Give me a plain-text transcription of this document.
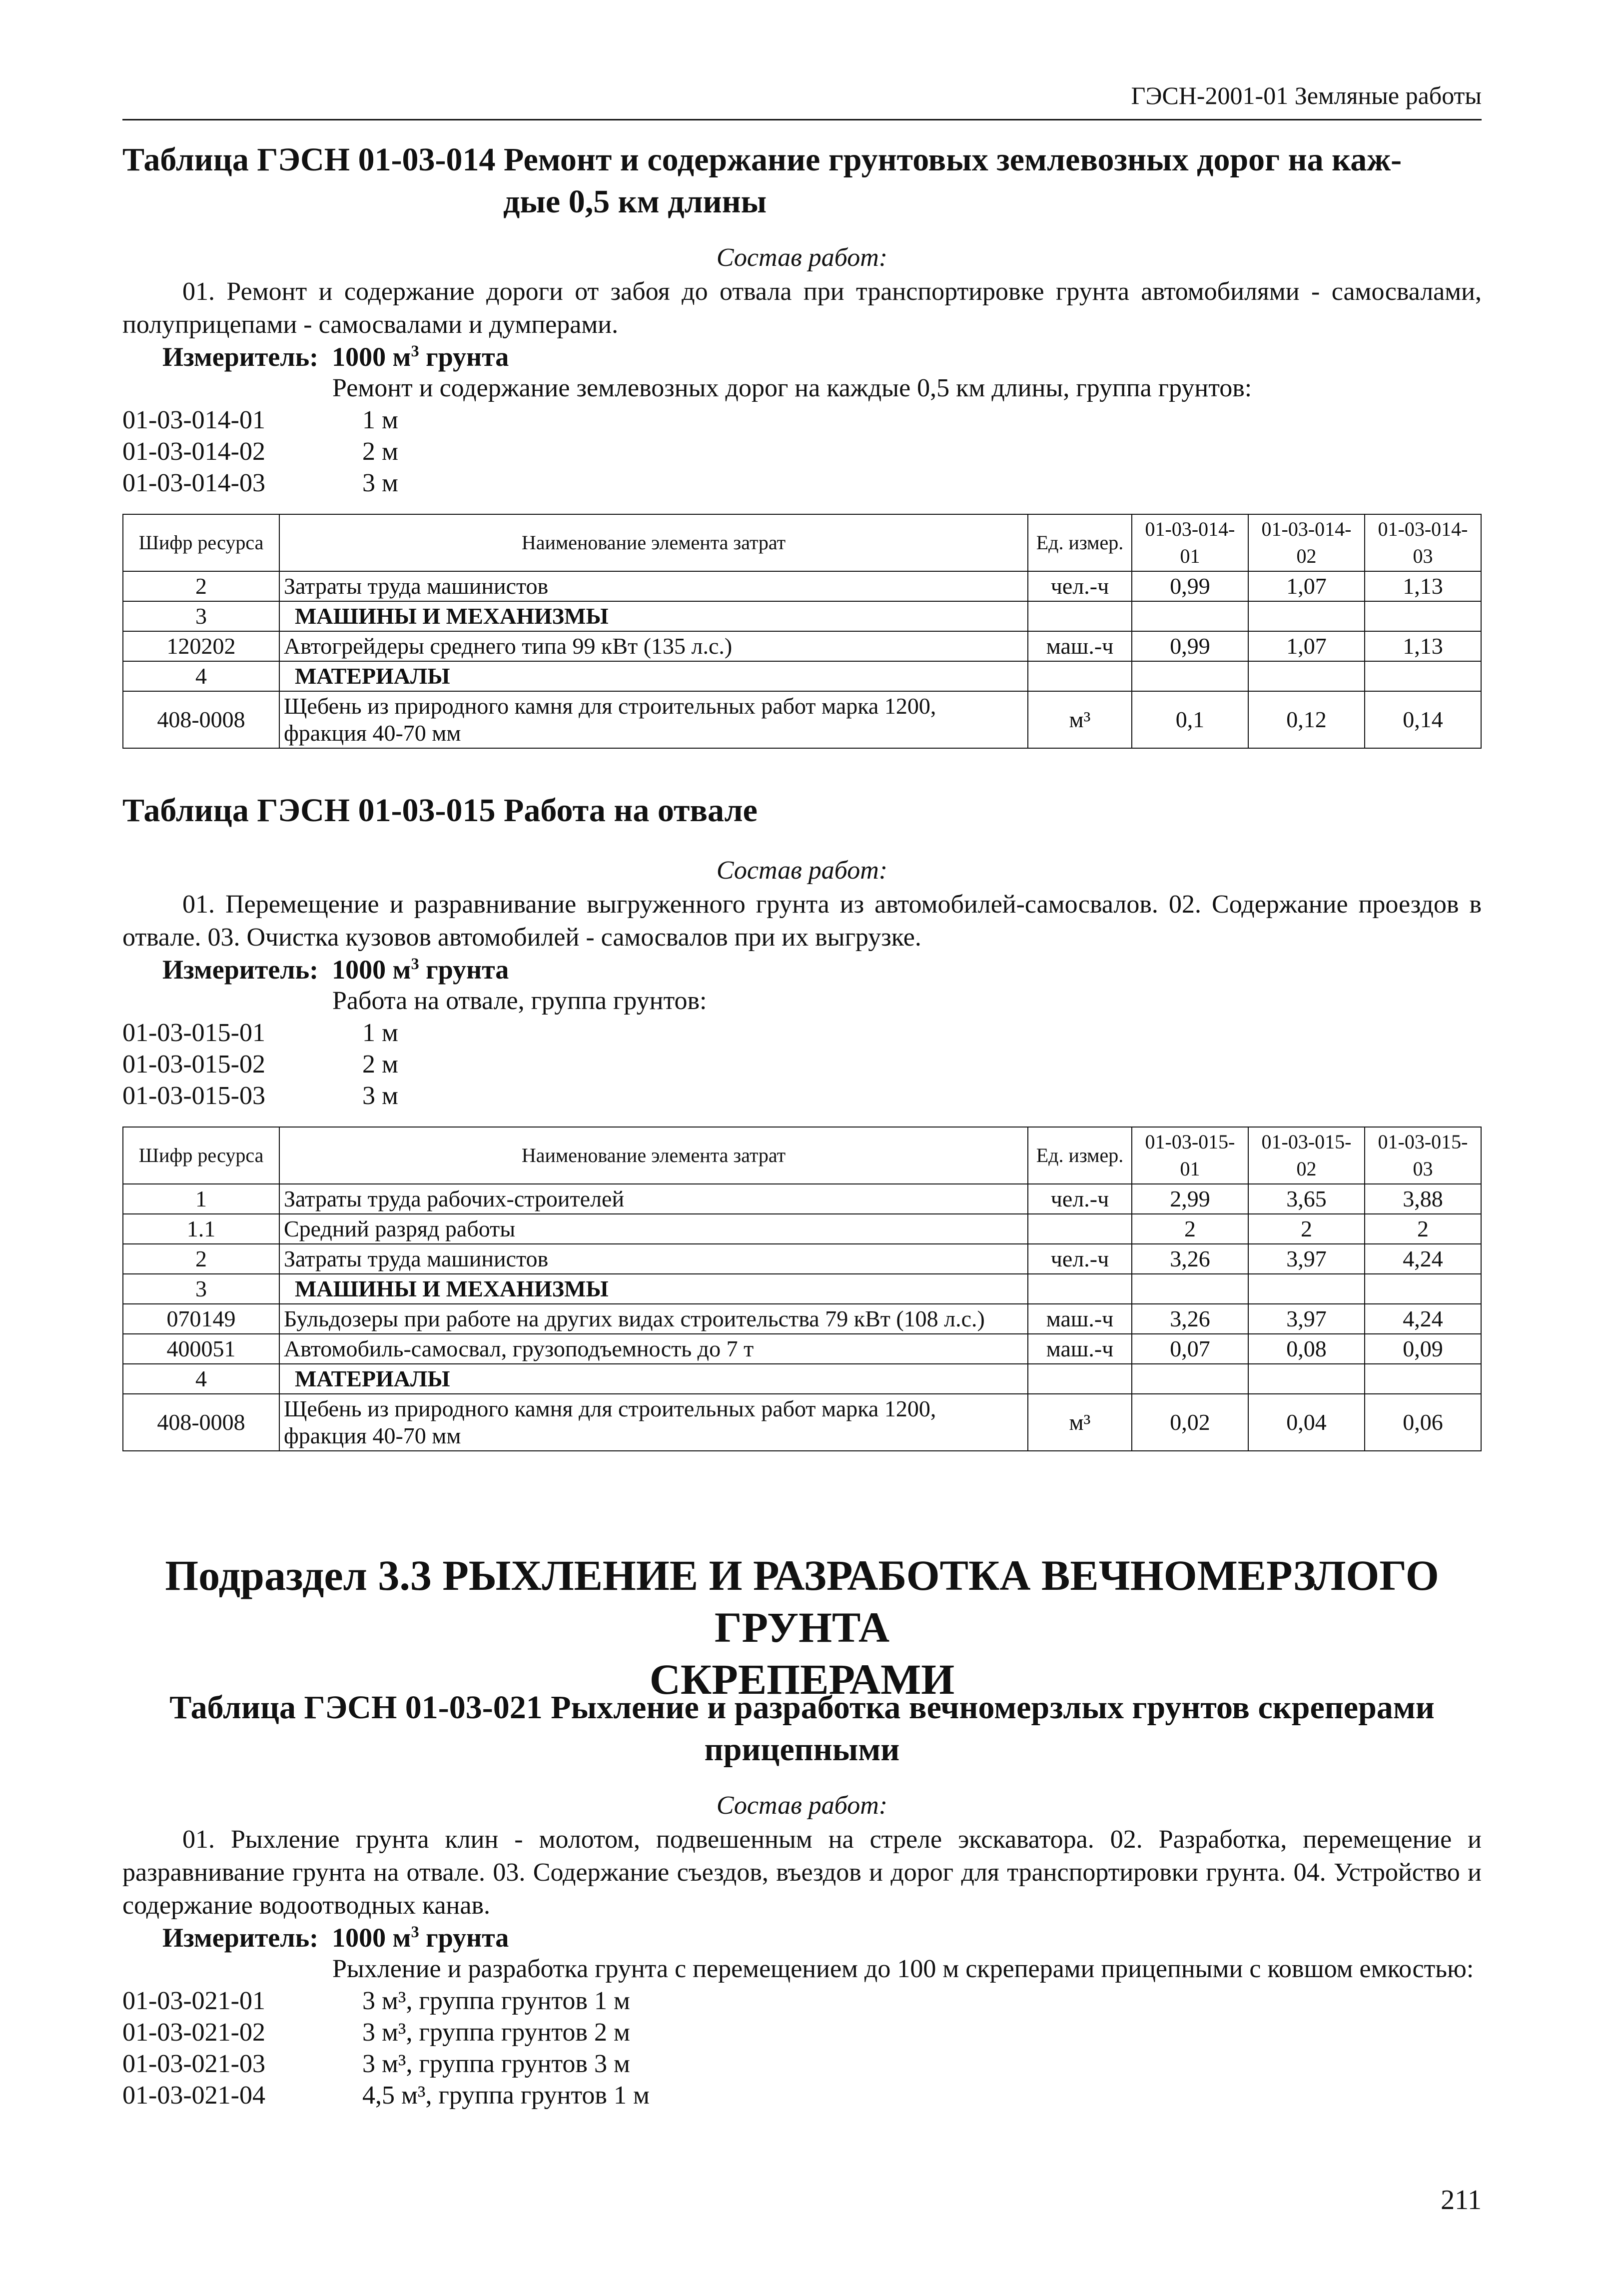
ГЭСН-2001-01 Земляные работы
Таблица ГЭСН 01-03-014 Ремонт и содержание грунтовых землевозных дорог на каж-
дые 0,5 км длины
Состав работ:
01. Ремонт и содержание дороги от забоя до отвала при транспортировке грунта автомобилями - самосвалами, полуприцепами - самосвалами и думперами.
Измеритель: 1000 $м^3$ грунта
Ремонт и содержание землевозных дорог на каждые 0,5 км длины, группа грунтов:
01-03-014-01	1 м
01-03-014-02	2 м
01-03-014-03	3 м
Шифр ресурса	Наименование элемента затрат	Ед. измер.	01-03-014-01	01-03-014-02	01-03-014-03
2	Затраты труда машинистов	чел.-ч	0,99	1,07	1,13
3	МАШИНЫ И МЕХАНИЗМЫ				
120202	Автогрейдеры среднего типа 99 кВт (135 л.с.)	маш.-ч	0,99	1,07	1,13
4	МАТЕРИАЛЫ				
408-0008	Щебень из природного камня для строительных работ марка 1200, фракция 40-70 мм	м³	0,1	0,12	0,14
Таблица ГЭСН 01-03-015 Работа на отвале
Состав работ:
01. Перемещение и разравнивание выгруженного грунта из автомобилей-самосвалов. 02. Содержание проездов в отвале. 03. Очистка кузовов автомобилей - самосвалов при их выгрузке.
Измеритель: 1000 $м^3$ грунта
Работа на отвале, группа грунтов:
01-03-015-01	1 м
01-03-015-02	2 м
01-03-015-03	3 м
Шифр ресурса	Наименование элемента затрат	Ед. измер.	01-03-015-01	01-03-015-02	01-03-015-03
1	Затраты труда рабочих-строителей	чел.-ч	2,99	3,65	3,88
1.1	Средний разряд работы		2	2	2
2	Затраты труда машинистов	чел.-ч	3,26	3,97	4,24
3	МАШИНЫ И МЕХАНИЗМЫ				
070149	Бульдозеры при работе на других видах строительства 79 кВт (108 л.с.)	маш.-ч	3,26	3,97	4,24
400051	Автомобиль-самосвал, грузоподъемность до 7 т	маш.-ч	0,07	0,08	0,09
4	МАТЕРИАЛЫ				
408-0008	Щебень из природного камня для строительных работ марка 1200, фракция 40-70 мм	м³	0,02	0,04	0,06
Подраздел 3.3 РЫХЛЕНИЕ И РАЗРАБОТКА ВЕЧНОМЕРЗЛОГО ГРУНТА
СКРЕПЕРАМИ
Таблица ГЭСН 01-03-021 Рыхление и разработка вечномерзлых грунтов скреперами
прицепными
Состав работ:
01. Рыхление грунта клин - молотом, подвешенным на стреле экскаватора. 02. Разработка, перемещение и разравнивание грунта на отвале. 03. Содержание съездов, въездов и дорог для транспортировки грунта. 04. Устройство и содержание водоотводных канав.
Измеритель: 1000 $м^3$ грунта
Рыхление и разработка грунта с перемещением до 100 м скреперами прицепными с ковшом емкостью:
01-03-021-01	3 м³, группа грунтов 1 м
01-03-021-02	3 м³, группа грунтов 2 м
01-03-021-03	3 м³, группа грунтов 3 м
01-03-021-04	4,5 м³, группа грунтов 1 м
211
